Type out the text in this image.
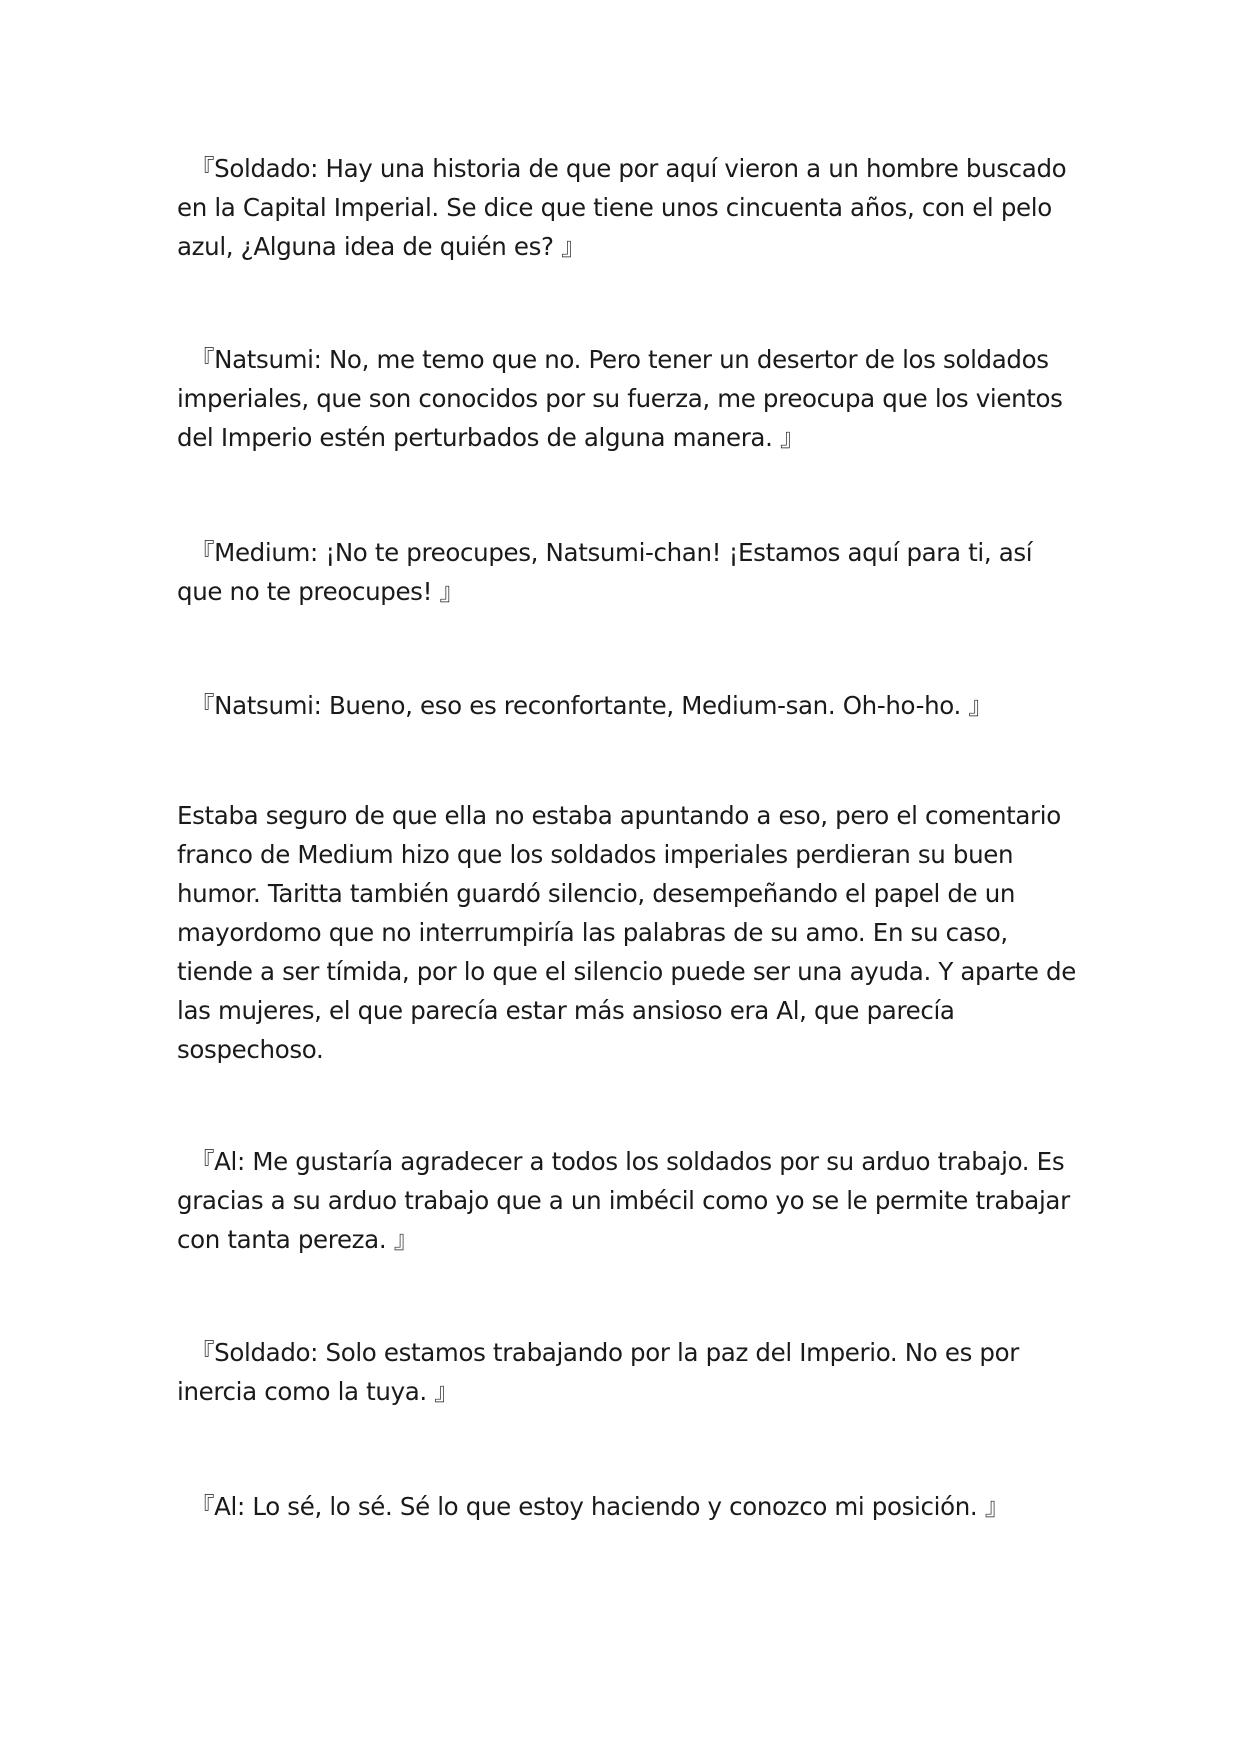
『Soldado: Hay una historia de que por aquí vieron a un hombre buscado en la Capital Imperial. Se dice que tiene unos cincuenta años, con el pelo azul, ¿Alguna idea de quién es? 』

『Natsumi: No, me temo que no. Pero tener un desertor de los soldados imperiales, que son conocidos por su fuerza, me preocupa que los vientos del Imperio estén perturbados de alguna manera. 』

『Medium: ¡No te preocupes, Natsumi-chan! ¡Estamos aquí para ti, así que no te preocupes! 』

『Natsumi: Bueno, eso es reconfortante, Medium-san. Oh-ho-ho. 』

Estaba seguro de que ella no estaba apuntando a eso, pero el comentario franco de Medium hizo que los soldados imperiales perdieran su buen humor. Taritta también guardó silencio, desempeñando el papel de un mayordomo que no interrumpiría las palabras de su amo. En su caso, tiende a ser tímida, por lo que el silencio puede ser una ayuda. Y aparte de las mujeres, el que parecía estar más ansioso era Al, que parecía sospechoso.

『Al: Me gustaría agradecer a todos los soldados por su arduo trabajo. Es gracias a su arduo trabajo que a un imbécil como yo se le permite trabajar con tanta pereza. 』

『Soldado: Solo estamos trabajando por la paz del Imperio. No es por inercia como la tuya. 』

『Al: Lo sé, lo sé. Sé lo que estoy haciendo y conozco mi posición. 』
